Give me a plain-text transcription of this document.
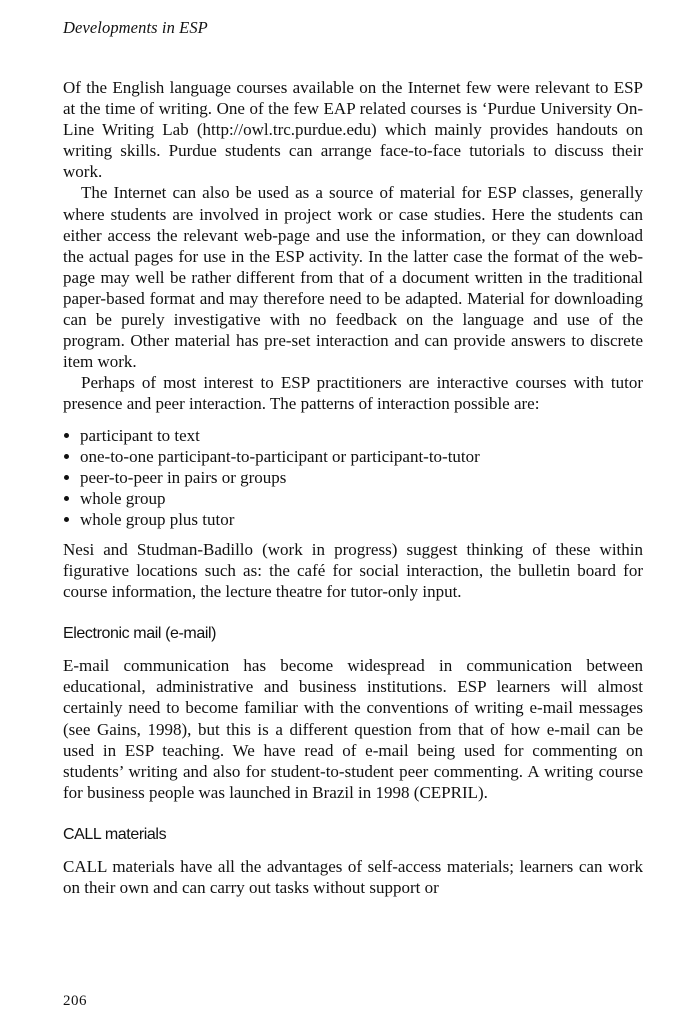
Developments in ESP

Of the English language courses available on the Internet few were relevant to ESP at the time of writing. One of the few EAP related courses is ‘Purdue University On-Line Writing Lab (http://owl.trc.purdue.edu) which mainly provides handouts on writing skills. Purdue students can arrange face-to-face tutorials to discuss their work.

The Internet can also be used as a source of material for ESP classes, generally where students are involved in project work or case studies. Here the students can either access the relevant web-page and use the information, or they can download the actual pages for use in the ESP activity. In the latter case the format of the web-page may well be rather different from that of a document written in the traditional paper-based format and may therefore need to be adapted. Material for downloading can be purely investigative with no feedback on the language and use of the program. Other material has pre-set interaction and can provide answers to discrete item work.

Perhaps of most interest to ESP practitioners are interactive courses with tutor presence and peer interaction. The patterns of interaction possible are:

participant to text
one-to-one participant-to-participant or participant-to-tutor
peer-to-peer in pairs or groups
whole group
whole group plus tutor

Nesi and Studman-Badillo (work in progress) suggest thinking of these within figurative locations such as: the café for social interaction, the bulletin board for course information, the lecture theatre for tutor-only input.

Electronic mail (e-mail)

E-mail communication has become widespread in communication between educational, administrative and business institutions. ESP learners will almost certainly need to become familiar with the conventions of writing e-mail messages (see Gains, 1998), but this is a different question from that of how e-mail can be used in ESP teaching. We have read of e-mail being used for commenting on students’ writing and also for student-to-student peer commenting. A writing course for business people was launched in Brazil in 1998 (CEPRIL).

CALL materials

CALL materials have all the advantages of self-access materials; learners can work on their own and can carry out tasks without support or

206
